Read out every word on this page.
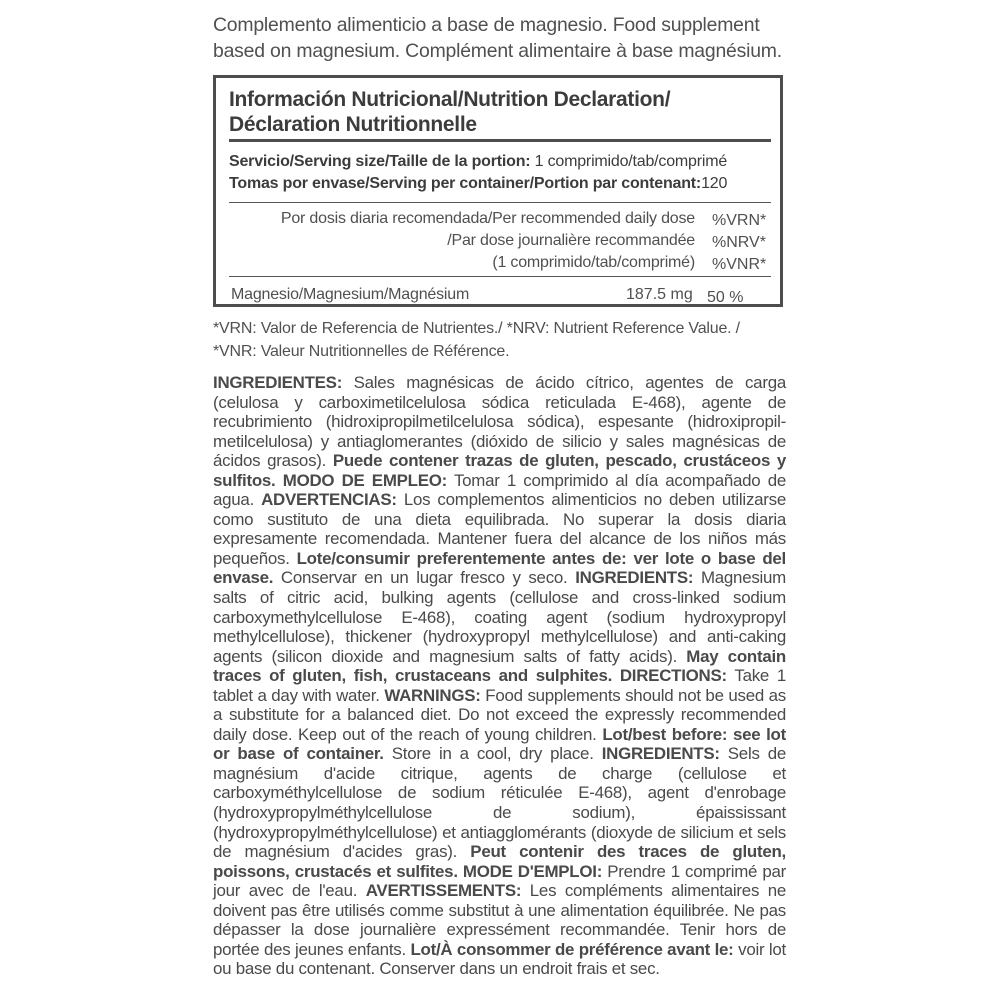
Complemento alimenticio a base de magnesio. Food supplement based on magnesium. Complément alimentaire à base magnésium.
Información Nutricional/Nutrition Declaration/
Déclaration Nutritionnelle
Servicio/Serving size/Taille de la portion: 1 comprimido/tab/comprimé
Tomas por envase/Serving per container/Portion par contenant:120
Por dosis diaria recomendada/Per recommended daily dose
/Par dose journalière recommandée
(1 comprimido/tab/comprimé)
%VRN*
%NRV*
%VNR*
Magnesio/Magnesium/Magnésium	187.5 mg 50 %
*VRN: Valor de Referencia de Nutrientes./ *NRV: Nutrient Reference Value. /
*VNR: Valeur Nutritionnelles de Référence.
INGREDIENTES: Sales magnésicas de ácido cítrico, agentes de carga (celulosa y carboximetilcelulosa sódica reticulada E-468), agente de recubrimiento (hidroxipropilmetilcelulosa sódica), espesante (hidroxipropil-metilcelulosa) y antiaglomerantes (dióxido de silicio y sales magnésicas de ácidos grasos). Puede contener trazas de gluten, pescado, crustáceos y sulfitos. MODO DE EMPLEO: Tomar 1 comprimido al día acompañado de agua. ADVERTENCIAS: Los complementos alimenticios no deben utilizarse como sustituto de una dieta equilibrada. No superar la dosis diaria expresamente recomendada. Mantener fuera del alcance de los niños más pequeños. Lote/consumir preferentemente antes de: ver lote o base del envase. Conservar en un lugar fresco y seco. INGREDIENTS: Magnesium salts of citric acid, bulking agents (cellulose and cross-linked sodium carboxymethylcellulose E-468), coating agent (sodium hydroxypropyl methylcellulose), thickener (hydroxypropyl methylcellulose) and anti-caking agents (silicon dioxide and magnesium salts of fatty acids). May contain traces of gluten, fish, crustaceans and sulphites. DIRECTIONS: Take 1 tablet a day with water. WARNINGS: Food supplements should not be used as a substitute for a balanced diet. Do not exceed the expressly recommended daily dose. Keep out of the reach of young children. Lot/best before: see lot or base of container. Store in a cool, dry place. INGREDIENTS: Sels de magnésium d'acide citrique, agents de charge (cellulose et carboxyméthylcellulose de sodium réticulée E-468), agent d'enrobage (hydroxypropylméthylcellulose de sodium), épaississant (hydroxypropylméthylcellulose) et antiagglomérants (dioxyde de silicium et sels de magnésium d'acides gras). Peut contenir des traces de gluten, poissons, crustacés et sulfites. MODE D'EMPLOI: Prendre 1 comprimé par jour avec de l'eau. AVERTISSEMENTS: Les compléments alimentaires ne doivent pas être utilisés comme substitut à une alimentation équilibrée. Ne pas dépasser la dose journalière expressément recommandée. Tenir hors de portée des jeunes enfants. Lot/À consommer de préférence avant le: voir lot ou base du contenant. Conserver dans un endroit frais et sec.
